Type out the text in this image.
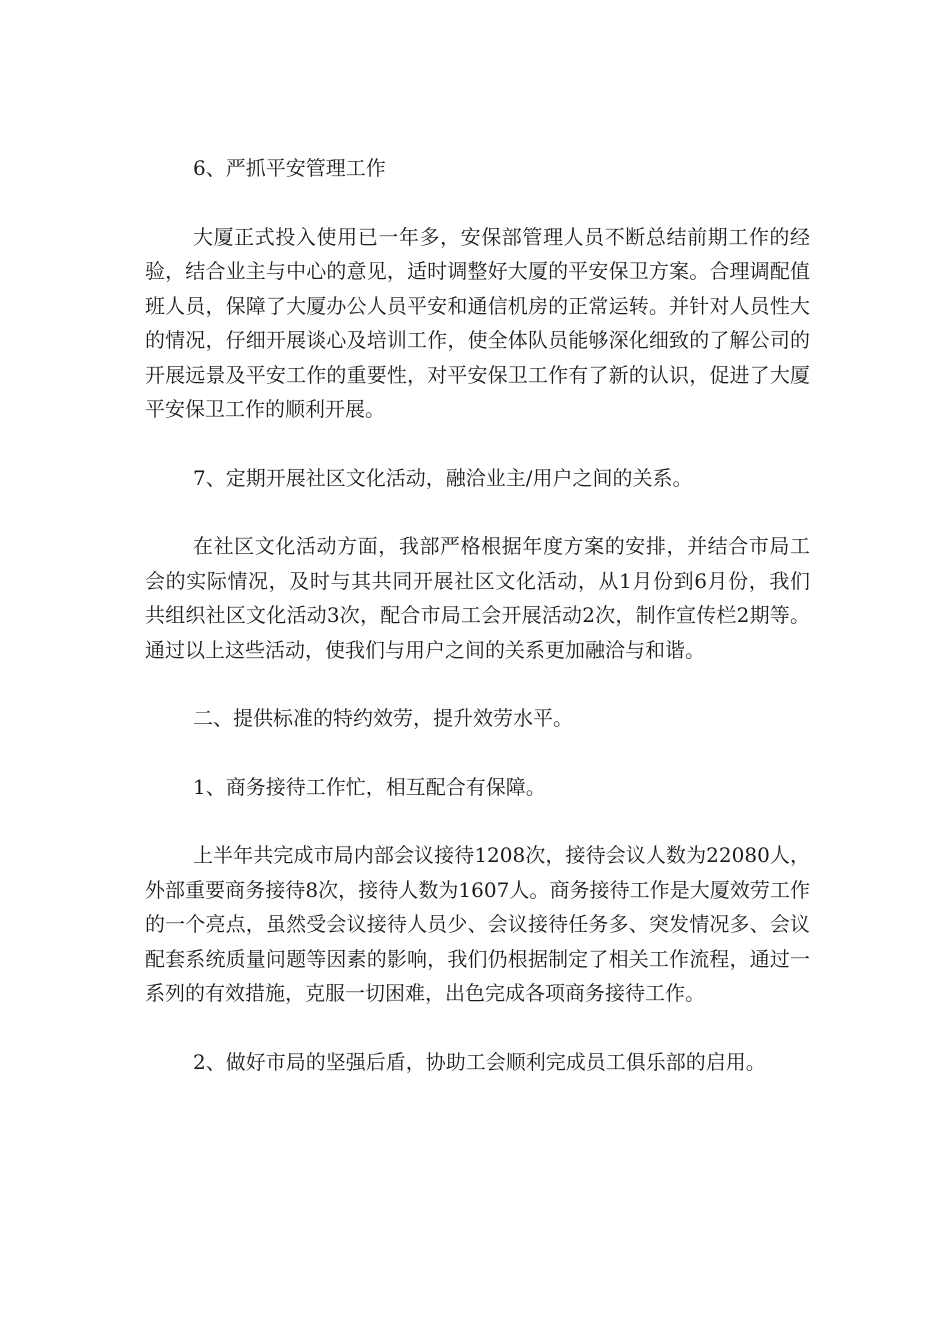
6、严抓平安管理工作

大厦正式投入使用已一年多，安保部管理人员不断总结前期工作的经验，结合业主与中心的意见，适时调整好大厦的平安保卫方案。合理调配值班人员，保障了大厦办公人员平安和通信机房的正常运转。并针对人员性大的情况，仔细开展谈心及培训工作，使全体队员能够深化细致的了解公司的开展远景及平安工作的重要性，对平安保卫工作有了新的认识，促进了大厦平安保卫工作的顺利开展。

7、定期开展社区文化活动，融洽业主/用户之间的关系。

在社区文化活动方面，我部严格根据年度方案的安排，并结合市局工会的实际情况，及时与其共同开展社区文化活动，从1月份到6月份，我们共组织社区文化活动3次，配合市局工会开展活动2次，制作宣传栏2期等。通过以上这些活动，使我们与用户之间的关系更加融洽与和谐。

二、提供标准的特约效劳，提升效劳水平。

1、商务接待工作忙，相互配合有保障。

上半年共完成市局内部会议接待1208次，接待会议人数为22080人，外部重要商务接待8次，接待人数为1607人。商务接待工作是大厦效劳工作的一个亮点，虽然受会议接待人员少、会议接待任务多、突发情况多、会议配套系统质量问题等因素的影响，我们仍根据制定了相关工作流程，通过一系列的有效措施，克服一切困难，出色完成各项商务接待工作。

2、做好市局的坚强后盾，协助工会顺利完成员工俱乐部的启用。
